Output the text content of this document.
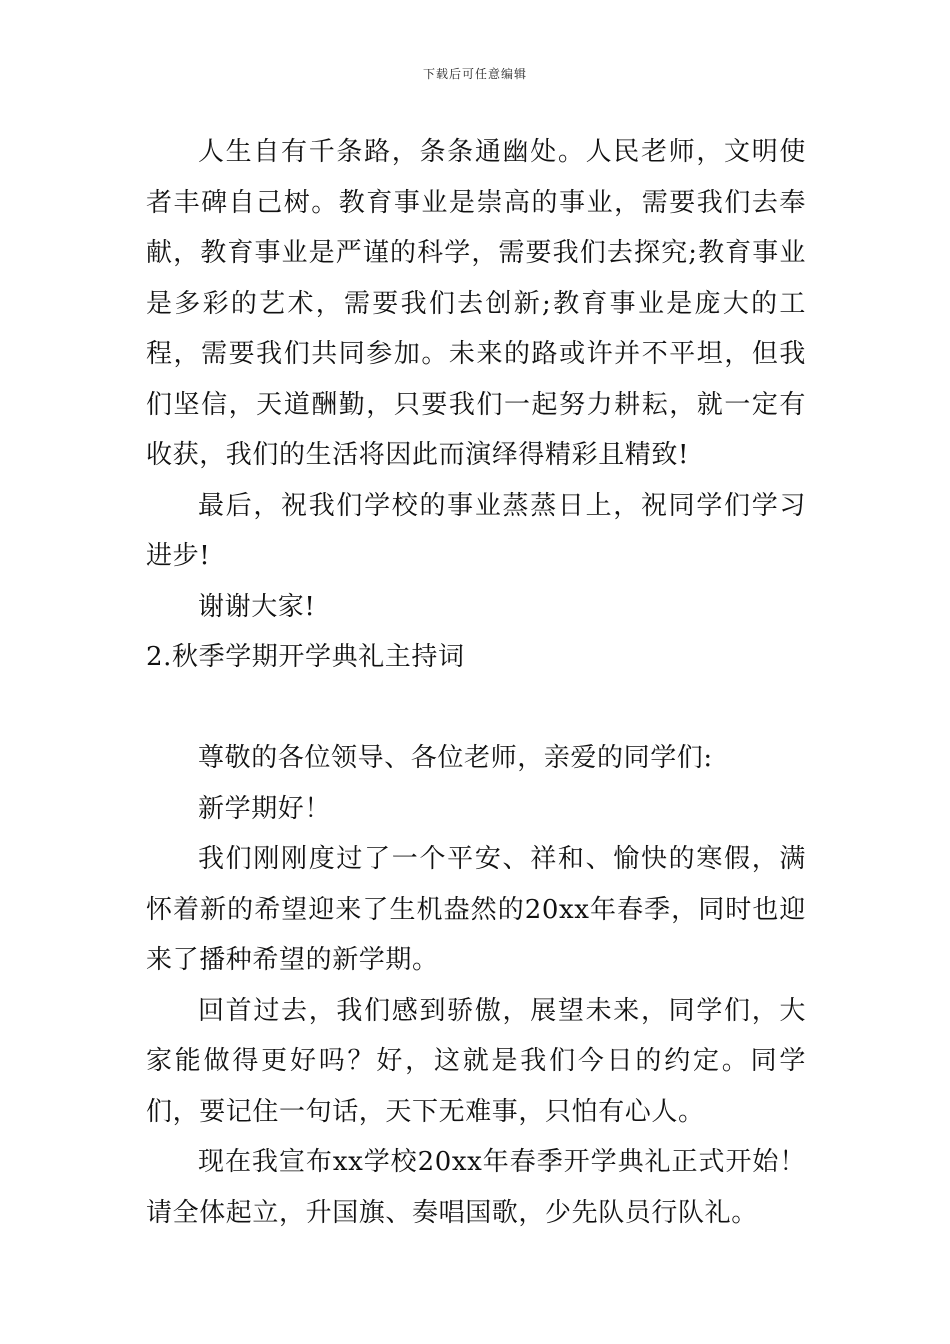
下载后可任意编辑

人生自有千条路，条条通幽处。人民老师，文明使者丰碑自己树。教育事业是崇高的事业，需要我们去奉献，教育事业是严谨的科学，需要我们去探究;教育事业是多彩的艺术，需要我们去创新;教育事业是庞大的工程，需要我们共同参加。未来的路或许并不平坦，但我们坚信，天道酬勤，只要我们一起努力耕耘，就一定有收获，我们的生活将因此而演绎得精彩且精致!

最后，祝我们学校的事业蒸蒸日上，祝同学们学习进步!

谢谢大家!

2.秋季学期开学典礼主持词

尊敬的各位领导、各位老师，亲爱的同学们:

新学期好！

我们刚刚度过了一个平安、祥和、愉快的寒假，满怀着新的希望迎来了生机盎然的20xx年春季，同时也迎来了播种希望的新学期。

回首过去，我们感到骄傲，展望未来，同学们，大家能做得更好吗？好，这就是我们今日的约定。同学们，要记住一句话，天下无难事，只怕有心人。

现在我宣布xx学校20xx年春季开学典礼正式开始！请全体起立，升国旗、奏唱国歌，少先队员行队礼。
